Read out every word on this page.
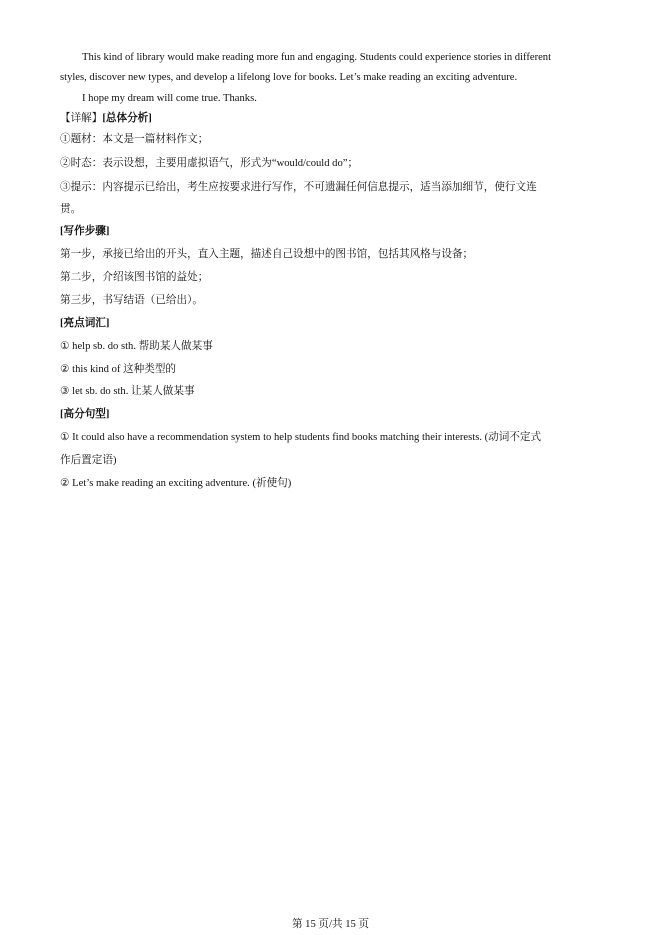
This kind of library would make reading more fun and engaging. Students could experience stories in different
styles, discover new types, and develop a lifelong love for books. Let’s make reading an exciting adventure.
I hope my dream will come true. Thanks.
【详解】[总体分析]
①题材：本文是一篇材料作文；
②时态：表示设想，主要用虚拟语气，形式为“would/could do”；
③提示：内容提示已给出，考生应按要求进行写作，不可遗漏任何信息提示，适当添加细节，使行文连
贯。
[写作步骤]
第一步，承接已给出的开头，直入主题，描述自己设想中的图书馆，包括其风格与设备；
第二步，介绍该图书馆的益处；
第三步，书写结语（已给出）。
[亮点词汇]
① help sb. do sth. 帮助某人做某事
② this kind of 这种类型的
③ let sb. do sth. 让某人做某事
[高分句型]
① It could also have a recommendation system to help students find books matching their interests. (动词不定式
作后置定语)
② Let’s make reading an exciting adventure. (祈使句)
第 15 页/共 15 页
